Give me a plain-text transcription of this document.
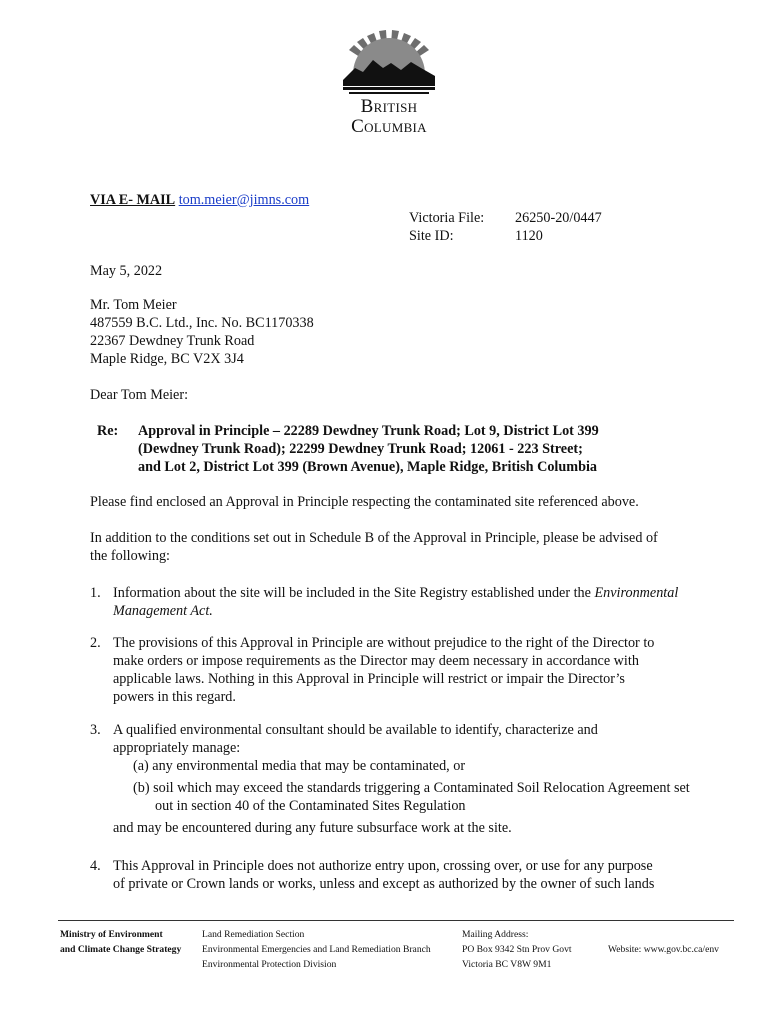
British
Columbia
VIA E- MAIL tom.meier@jimns.com
Victoria File: 26250-20/0447
Site ID:	1120
May 5, 2022
Mr. Tom Meier
487559 B.C. Ltd., Inc. No. BC1170338
22367 Dewdney Trunk Road
Maple Ridge, BC V2X 3J4
Dear Tom Meier:
Re: Approval in Principle – 22289 Dewdney Trunk Road; Lot 9, District Lot 399
(Dewdney Trunk Road); 22299 Dewdney Trunk Road; 12061 - 223 Street;
and Lot 2, District Lot 399 (Brown Avenue), Maple Ridge, British Columbia
Please find enclosed an Approval in Principle respecting the contaminated site referenced above.
In addition to the conditions set out in Schedule B of the Approval in Principle, please be advised of
the following:
1. Information about the site will be included in the Site Registry established under the Environmental
Management Act.
2. The provisions of this Approval in Principle are without prejudice to the right of the Director to
make orders or impose requirements as the Director may deem necessary in accordance with
applicable laws. Nothing in this Approval in Principle will restrict or impair the Director’s
powers in this regard.
3. A qualified environmental consultant should be available to identify, characterize and
appropriately manage:
(a) any environmental media that may be contaminated, or
(b) soil which may exceed the standards triggering a Contaminated Soil Relocation Agreement set
out in section 40 of the Contaminated Sites Regulation
and may be encountered during any future subsurface work at the site.
4. This Approval in Principle does not authorize entry upon, crossing over, or use for any purpose
of private or Crown lands or works, unless and except as authorized by the owner of such lands
Ministry of Environment
and Climate Change Strategy
Land Remediation Section
Environmental Emergencies and Land Remediation Branch
Environmental Protection Division
Mailing Address:
PO Box 9342 Stn Prov Govt
Victoria BC V8W 9M1
Website: www.gov.bc.ca/env
